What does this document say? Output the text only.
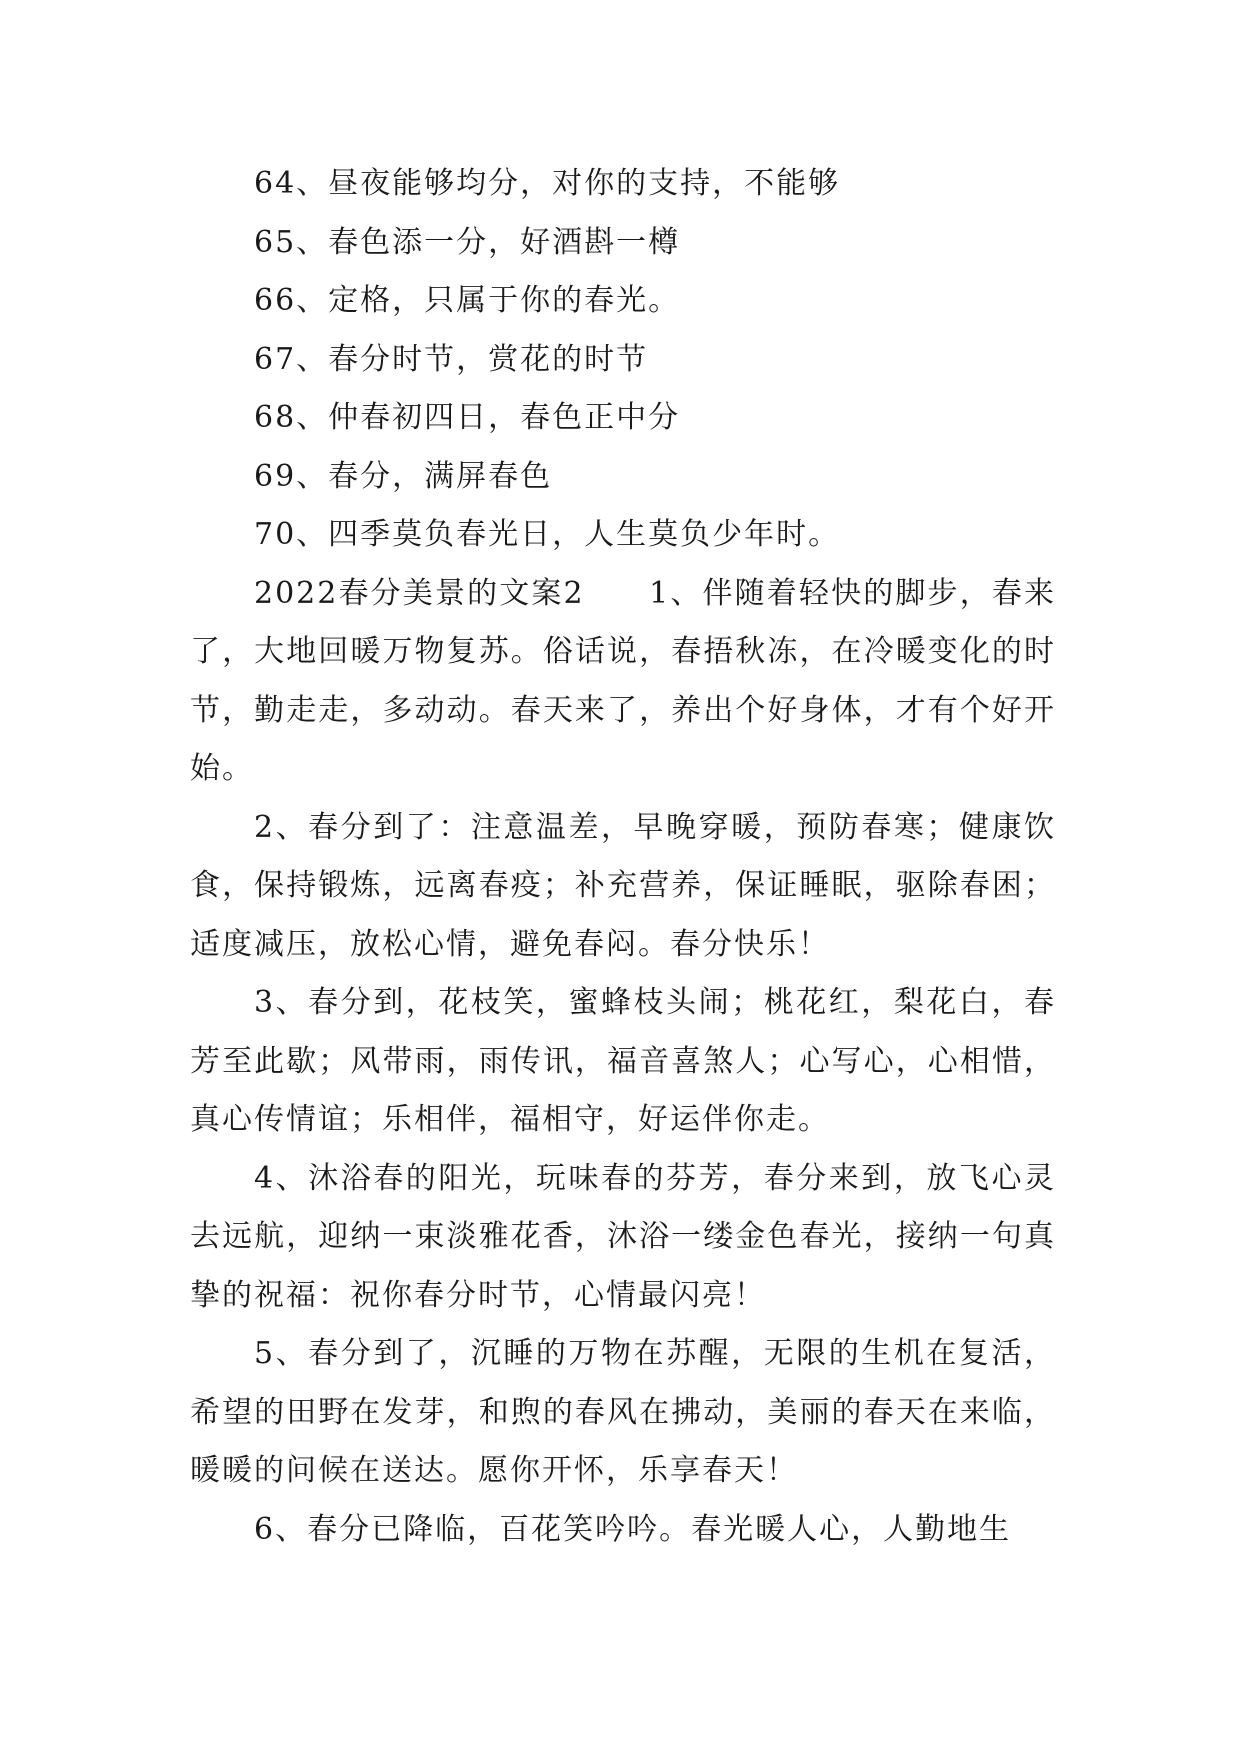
64、昼夜能够均分，对你的支持，不能够

65、春色添一分，好酒斟一樽

66、定格，只属于你的春光。

67、春分时节，赏花的时节

68、仲春初四日，春色正中分

69、春分，满屏春色

70、四季莫负春光日，人生莫负少年时。

2022春分美景的文案2　　1、伴随着轻快的脚步，春来了，大地回暖万物复苏。俗话说，春捂秋冻，在冷暖变化的时节，勤走走，多动动。春天来了，养出个好身体，才有个好开始。

2、春分到了：注意温差，早晚穿暖，预防春寒；健康饮食，保持锻炼，远离春疫；补充营养，保证睡眠，驱除春困；适度减压，放松心情，避免春闷。春分快乐！

3、春分到，花枝笑，蜜蜂枝头闹；桃花红，梨花白，春芳至此歇；风带雨，雨传讯，福音喜煞人；心写心，心相惜，真心传情谊；乐相伴，福相守，好运伴你走。

4、沐浴春的阳光，玩味春的芬芳，春分来到，放飞心灵去远航，迎纳一束淡雅花香，沐浴一缕金色春光，接纳一句真挚的祝福：祝你春分时节，心情最闪亮！

5、春分到了，沉睡的万物在苏醒，无限的生机在复活，希望的田野在发芽，和煦的春风在拂动，美丽的春天在来临，暖暖的问候在送达。愿你开怀，乐享春天！

6、春分已降临，百花笑吟吟。春光暖人心，人勤地生
